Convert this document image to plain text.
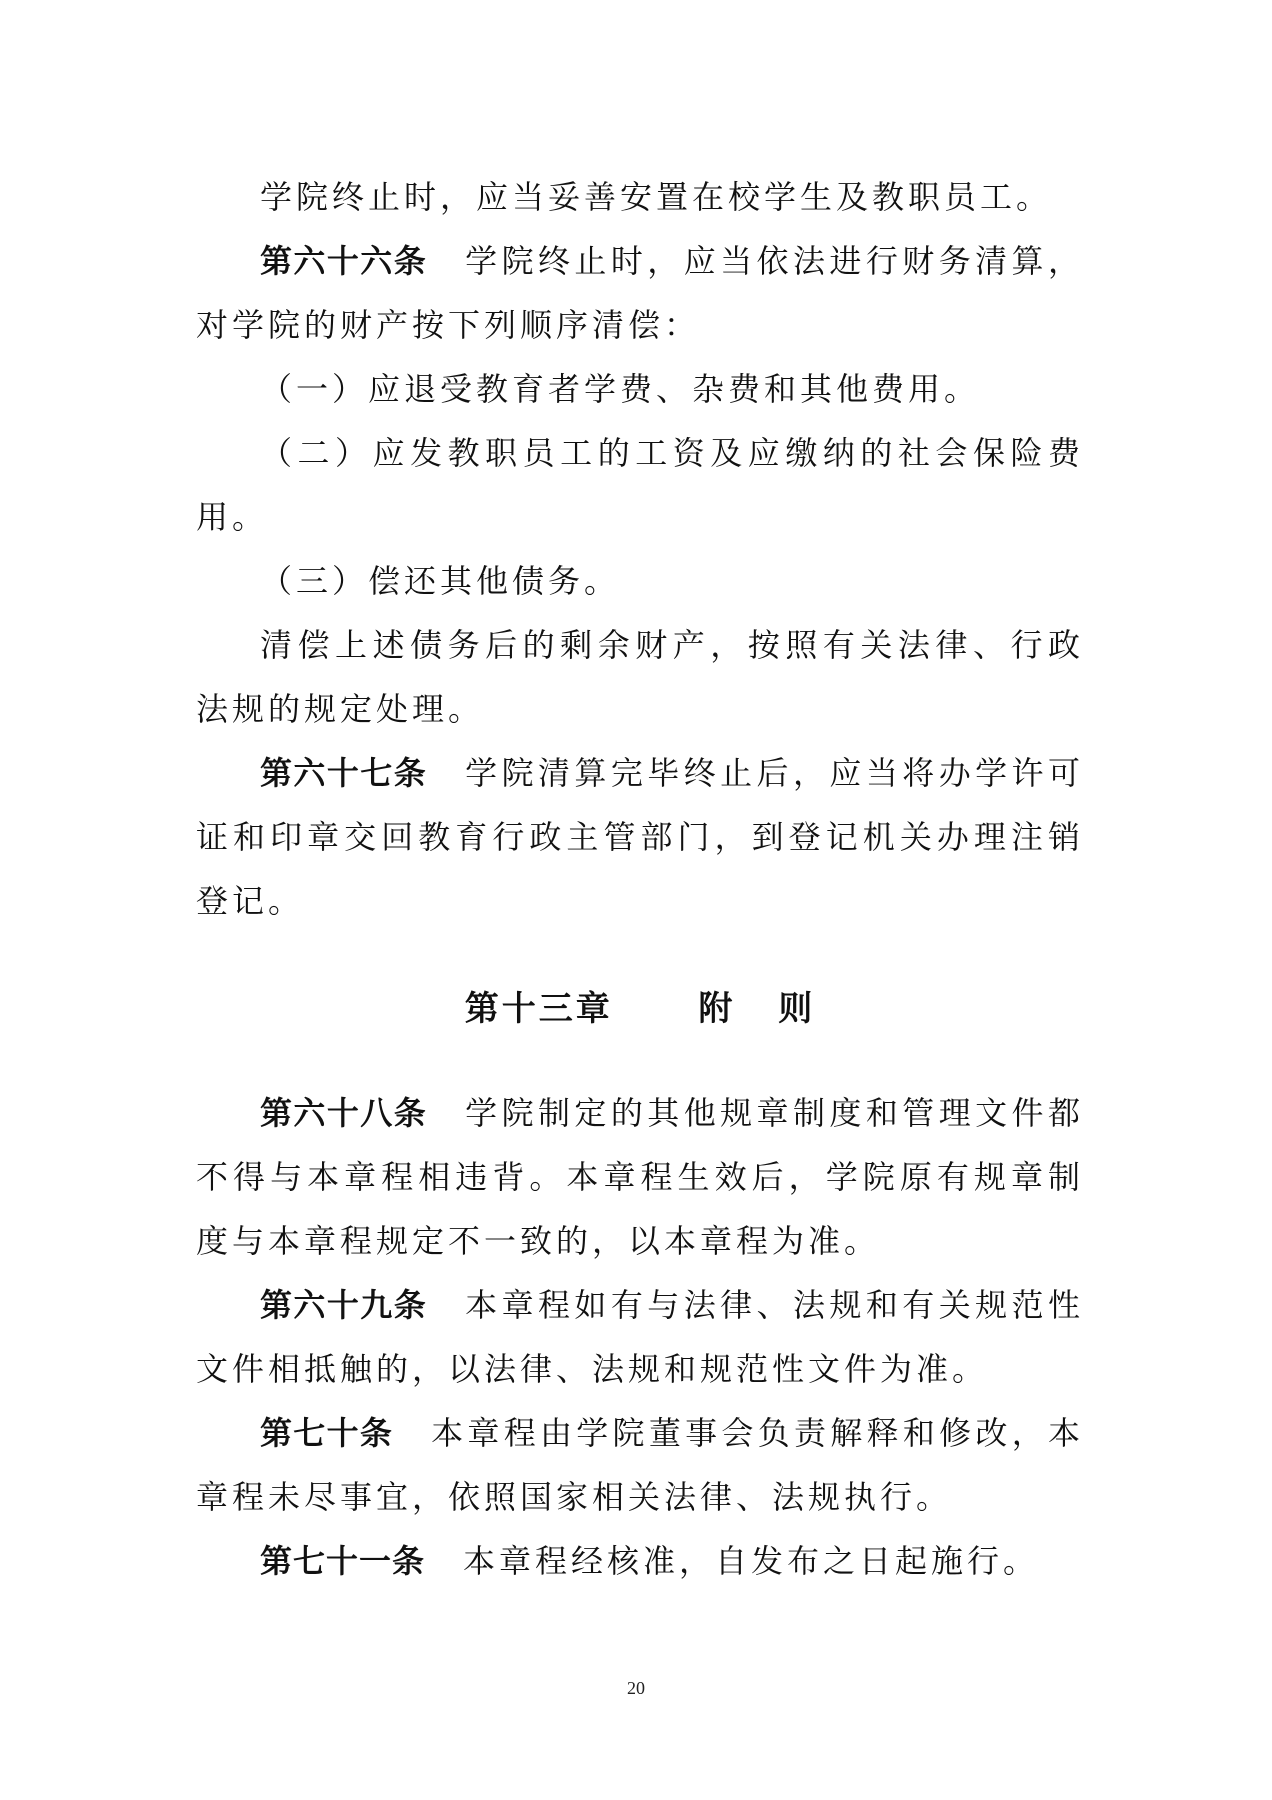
学院终止时，应当妥善安置在校学生及教职员工。

第六十六条 学院终止时，应当依法进行财务清算，对学院的财产按下列顺序清偿：

（一）应退受教育者学费、杂费和其他费用。

（二）应发教职员工的工资及应缴纳的社会保险费用。

（三）偿还其他债务。

清偿上述债务后的剩余财产，按照有关法律、行政法规的规定处理。

第六十七条 学院清算完毕终止后，应当将办学许可证和印章交回教育行政主管部门，到登记机关办理注销登记。

第十三章  附 则

第六十八条 学院制定的其他规章制度和管理文件都不得与本章程相违背。本章程生效后，学院原有规章制度与本章程规定不一致的，以本章程为准。

第六十九条 本章程如有与法律、法规和有关规范性文件相抵触的，以法律、法规和规范性文件为准。

第七十条 本章程由学院董事会负责解释和修改，本章程未尽事宜，依照国家相关法律、法规执行。

第七十一条 本章程经核准，自发布之日起施行。

20
